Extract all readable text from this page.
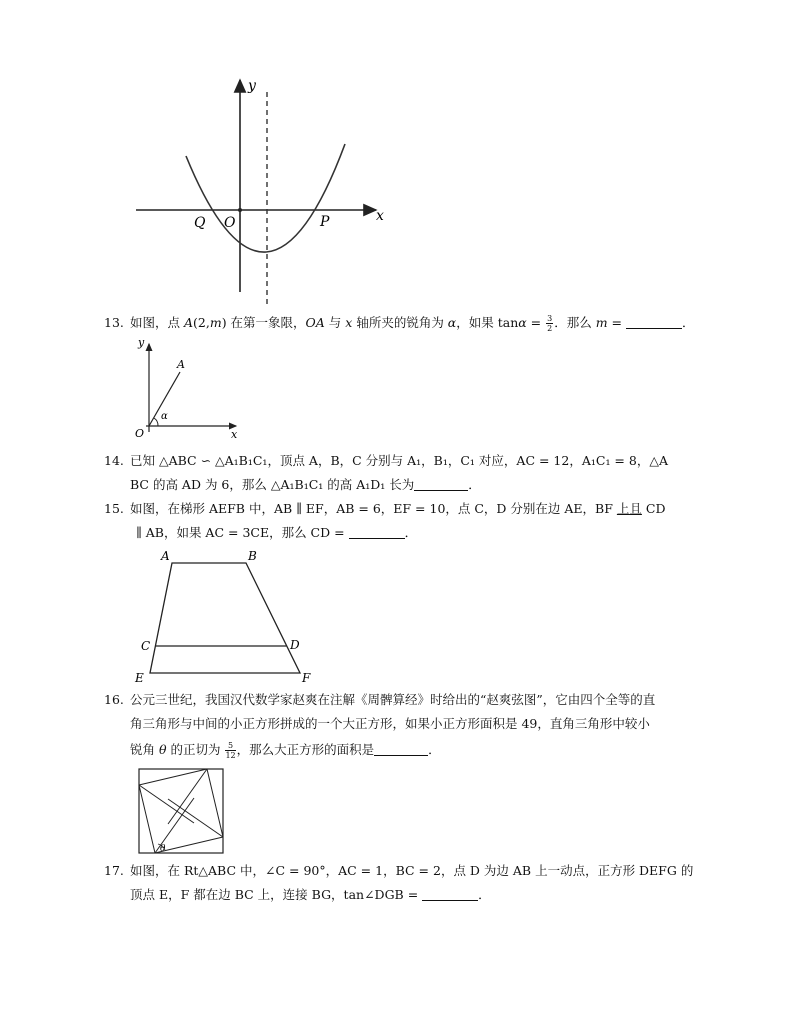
y
x
Q O	P
13. 如图，点 A(2,m) 在第一象限，OA 与 x 轴所夹的锐角为 α，如果 $\tan\alpha = \frac{3}{2}$ ．那么 m =	．
y
A
O	x
α
14. 已知 △ABC ∽ △A₁B₁C₁，顶点 A，B，C 分别与 A₁，B₁，C₁ 对应，AC = 12，A₁C₁ = 8，△A
BC 的高 AD 为 6，那么 △A₁B₁C₁ 的高 A₁D₁ 长为	．
15. 如图，在梯形 AEFB 中，AB ∥ EF，AB = 6，EF = 10，点 C，D 分别在边 AE，BF 上且 CD
∥ AB，如果 AC = 3CE，那么 CD =	．
A	B
C	D
E	F
16. 公元三世纪，我国汉代数学家赵爽在注解《周髀算经》时给出的“赵爽弦图”，它由四个全等的直
角三角形与中间的小正方形拼成的一个大正方形，如果小正方形面积是 49，直角三角形中较小
锐角 θ 的正切为 $\frac{5}{12}$ ，那么大正方形的面积是	．
θ
17. 如图，在 Rt△ABC 中，∠C = 90°，AC = 1，BC = 2，点 D 为边 AB 上一动点，正方形 DEFG 的
顶点 E，F 都在边 BC 上，连接 BG，tan∠DGB =	．
